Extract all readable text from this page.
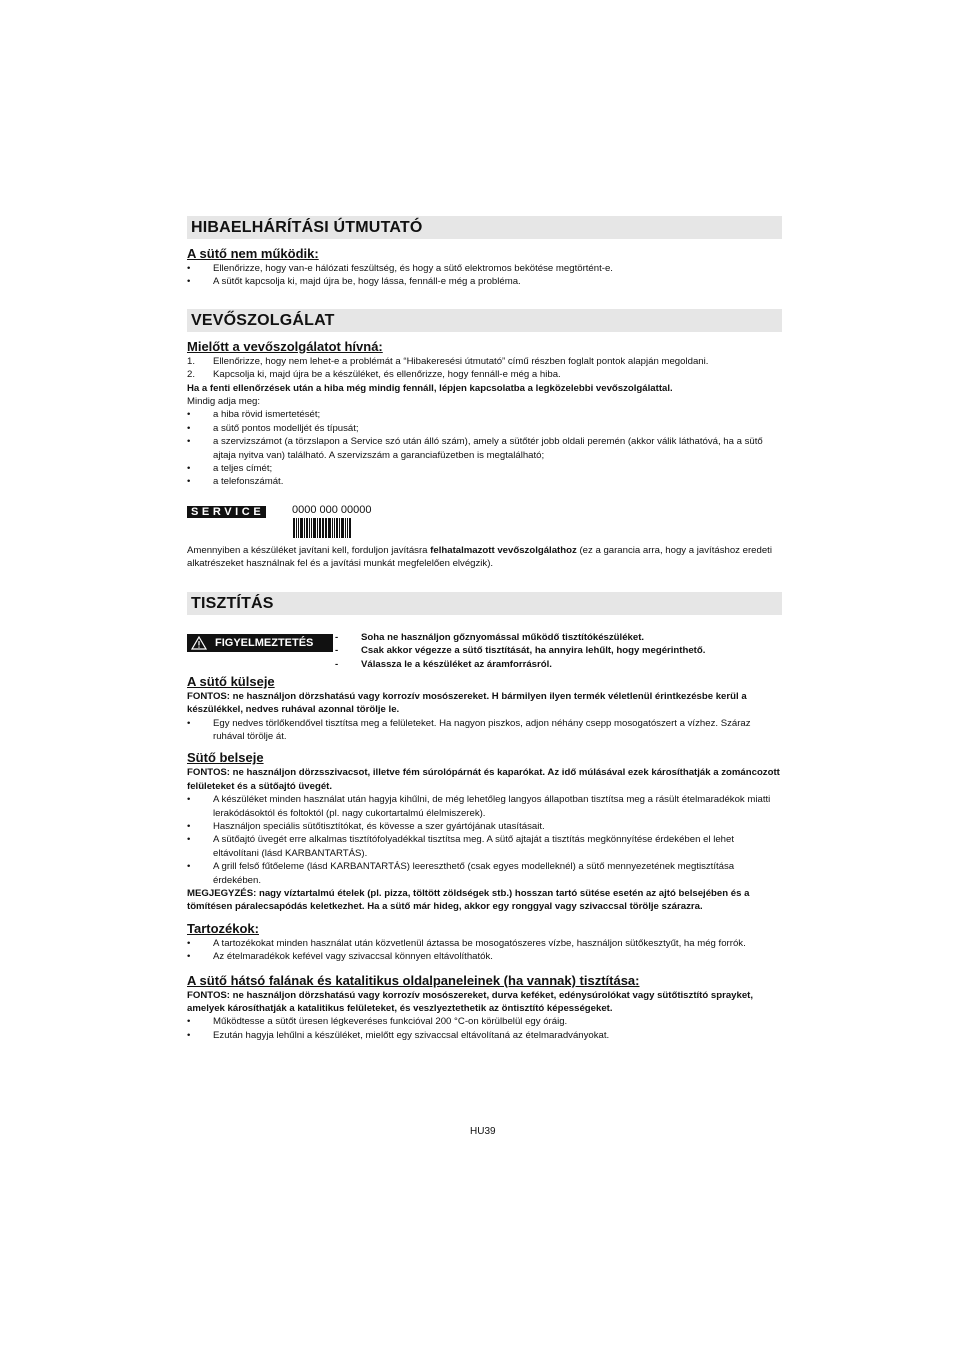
HIBAELHÁRÍTÁSI ÚTMUTATÓ
A sütő nem működik:
• Ellenőrizze, hogy van-e hálózati feszültség, és hogy a sütő elektromos bekötése megtörtént-e.
• A sütőt kapcsolja ki, majd újra be, hogy lássa, fennáll-e még a probléma.
VEVŐSZOLGÁLAT
Mielőtt a vevőszolgálatot hívná:
1. Ellenőrizze, hogy nem lehet-e a problémát a “Hibakeresési útmutató” című részben foglalt pontok alapján megoldani.
2. Kapcsolja ki, majd újra be a készüléket, és ellenőrizze, hogy fennáll-e még a hiba.

Ha a fenti ellenőrzések után a hiba még mindig fennáll, lépjen kapcsolatba a legközelebbi vevőszolgálattal.

Mindig adja meg:

• a hiba rövid ismertetését;
• a sütő pontos modelljét és típusát;
• a szervizszámot (a törzslapon a Service szó után álló szám), amely a sütőtér jobb oldali peremén (akkor válik láthatóvá, ha a sütő ajtaja nyitva van) található. A szervizszám a garanciafüzetben is megtalálható;
• a teljes címét;
• a telefonszámát.
SERVICE	0000 000 00000

Amennyiben a készüléket javítani kell, forduljon javításra felhatalmazott vevőszolgálathoz (ez a garancia arra, hogy a javításhoz eredeti alkatrészeket használnak fel és a javítási munkát megfelelően elvégzik).

TISZTÍTÁS
FIGYELMEZTETÉS
-	Soha ne használjon gőznyomással működő tisztítókészüléket.
- Csak akkor végezze a sütő tisztítását, ha annyira lehűlt, hogy megérinthető.
- Válassza le a készüléket az áramforrásról.
A sütő külseje

FONTOS: ne használjon dörzshatású vagy korrozív mosószereket. H bármilyen ilyen termék véletlenül érintkezésbe kerül a készülékkel, nedves ruhával azonnal törölje le.

• Egy nedves törlőkendővel tisztítsa meg a felületeket. Ha nagyon piszkos, adjon néhány csepp mosogatószert a vízhez. Száraz ruhával törölje át.
Sütő belseje

FONTOS: ne használjon dörzsszivacsot, illetve fém súrolópárnát és kaparókat. Az idő múlásával ezek károsíthatják a zománcozott felületeket és a sütőajtó üvegét.

• A készüléket minden használat után hagyja kihűlni, de még lehetőleg langyos állapotban tisztítsa meg a rásült ételmaradékok miatti lerakódásoktól és foltoktól (pl. nagy cukortartalmú élelmiszerek).
• Használjon speciális sütőtisztítókat, és kövesse a szer gyártójának utasításait.
• A sütőajtó üvegét erre alkalmas tisztítófolyadékkal tisztítsa meg. A sütő ajtaját a tisztítás megkönnyítése érdekében el lehet eltávolítani (lásd KARBANTARTÁS).
• A grill felső fűtőeleme (lásd KARBANTARTÁS) leereszthető (csak egyes modelleknél) a sütő mennyezetének megtisztítása érdekében.

MEGJEGYZÉS: nagy víztartalmú ételek (pl. pizza, töltött zöldségek stb.) hosszan tartó sütése esetén az ajtó belsejében és a tömítésen páralecsapódás keletkezhet. Ha a sütő már hideg, akkor egy ronggyal vagy szivaccsal törölje szárazra.

Tartozékok:
• A tartozékokat minden használat után közvetlenül áztassa be mosogatószeres vízbe, használjon sütőkesztyűt, ha még forrók.
• Az ételmaradékok kefével vagy szivaccsal könnyen eltávolíthatók.
A sütő hátsó falának és katalitikus oldalpaneleinek (ha vannak) tisztítása:

FONTOS: ne használjon dörzshatású vagy korrozív mosószereket, durva keféket, edénysúrolókat vagy sütőtisztító sprayket, amelyek károsíthatják a katalitikus felületeket, és veszlyeztethetik az öntisztító képességeket.

• Működtesse a sütőt üresen légkeveréses funkcióval 200 °C-on körülbelül egy óráig.
• Ezután hagyja lehűlni a készüléket, mielőtt egy szivaccsal eltávolítaná az ételmaradványokat.
HU39
